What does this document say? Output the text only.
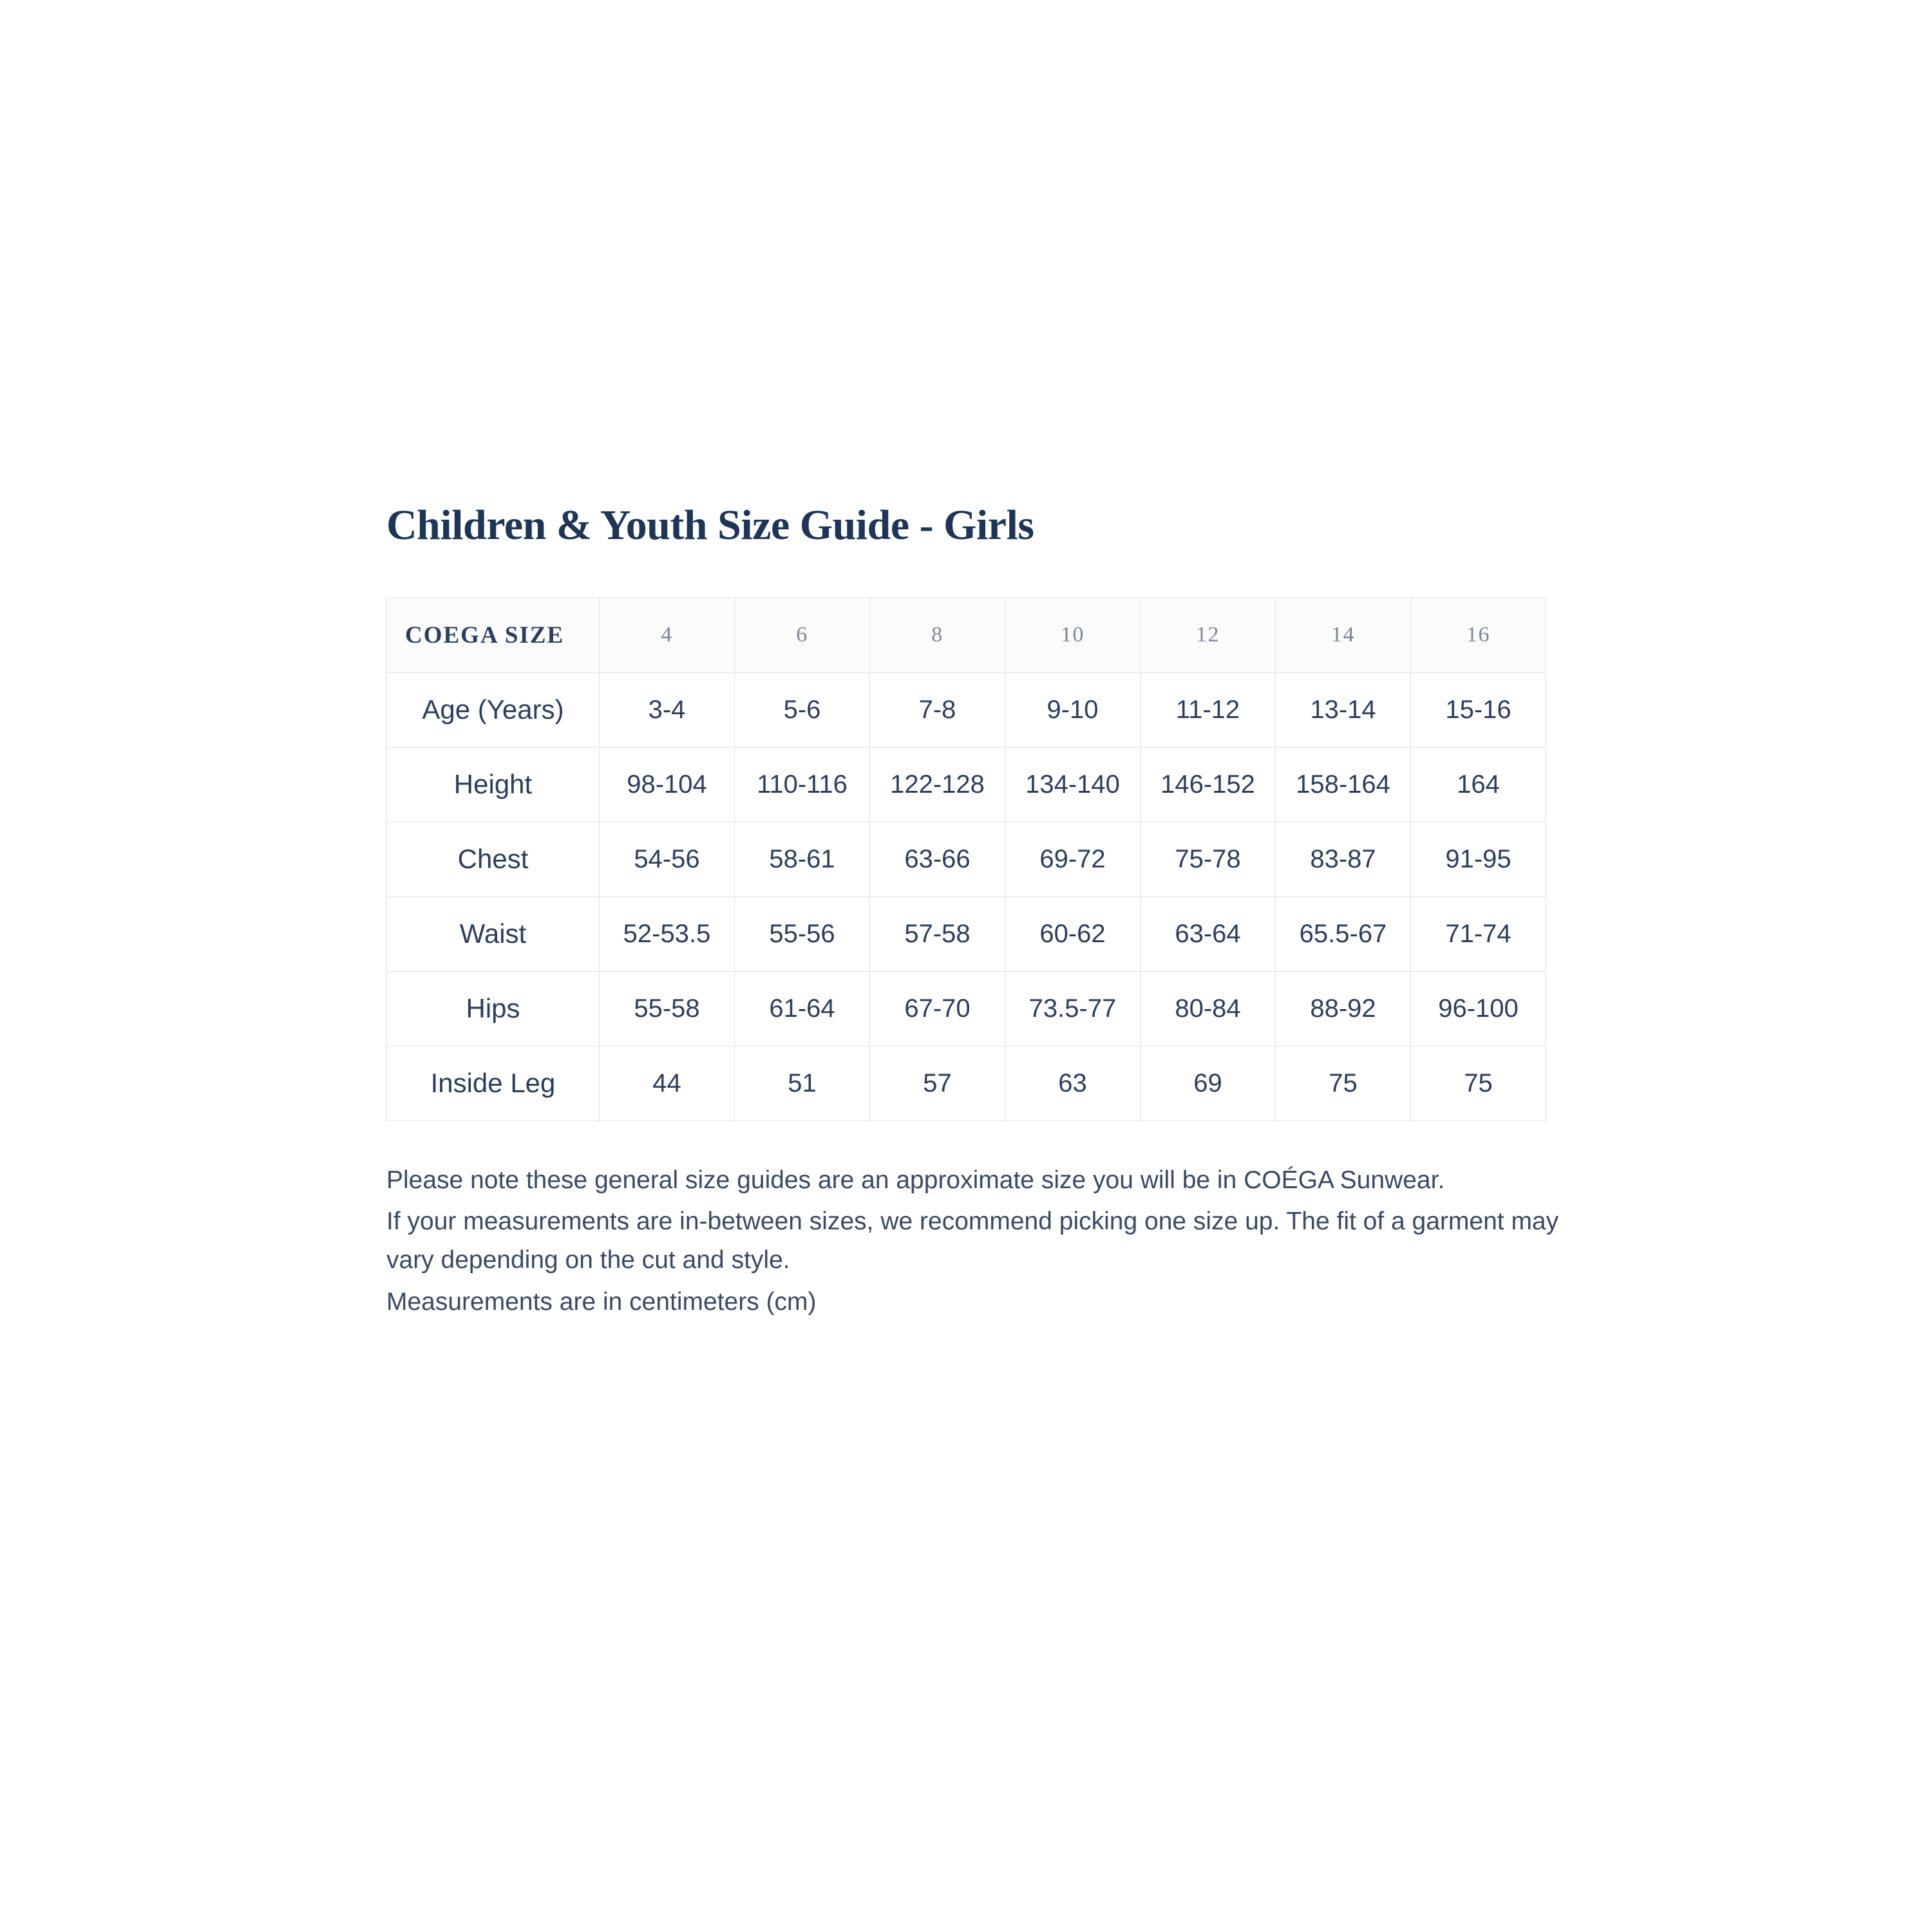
Children & Youth Size Guide - Girls
COEGA SIZE	4	6	8	10	12	14	16
Age (Years)	3-4	5-6	7-8	9-10	11-12	13-14	15-16
Height	98-104	110-116	122-128	134-140	146-152	158-164	164
Chest	54-56	58-61	63-66	69-72	75-78	83-87	91-95
Waist	52-53.5	55-56	57-58	60-62	63-64	65.5-67	71-74
Hips	55-58	61-64	67-70	73.5-77	80-84	88-92	96-100
Inside Leg	44	51	57	63	69	75	75

Please note these general size guides are an approximate size you will be in COÉGA Sunwear.

If your measurements are in-between sizes, we recommend picking one size up. The fit of a garment may vary depending on the cut and style.

Measurements are in centimeters (cm)
